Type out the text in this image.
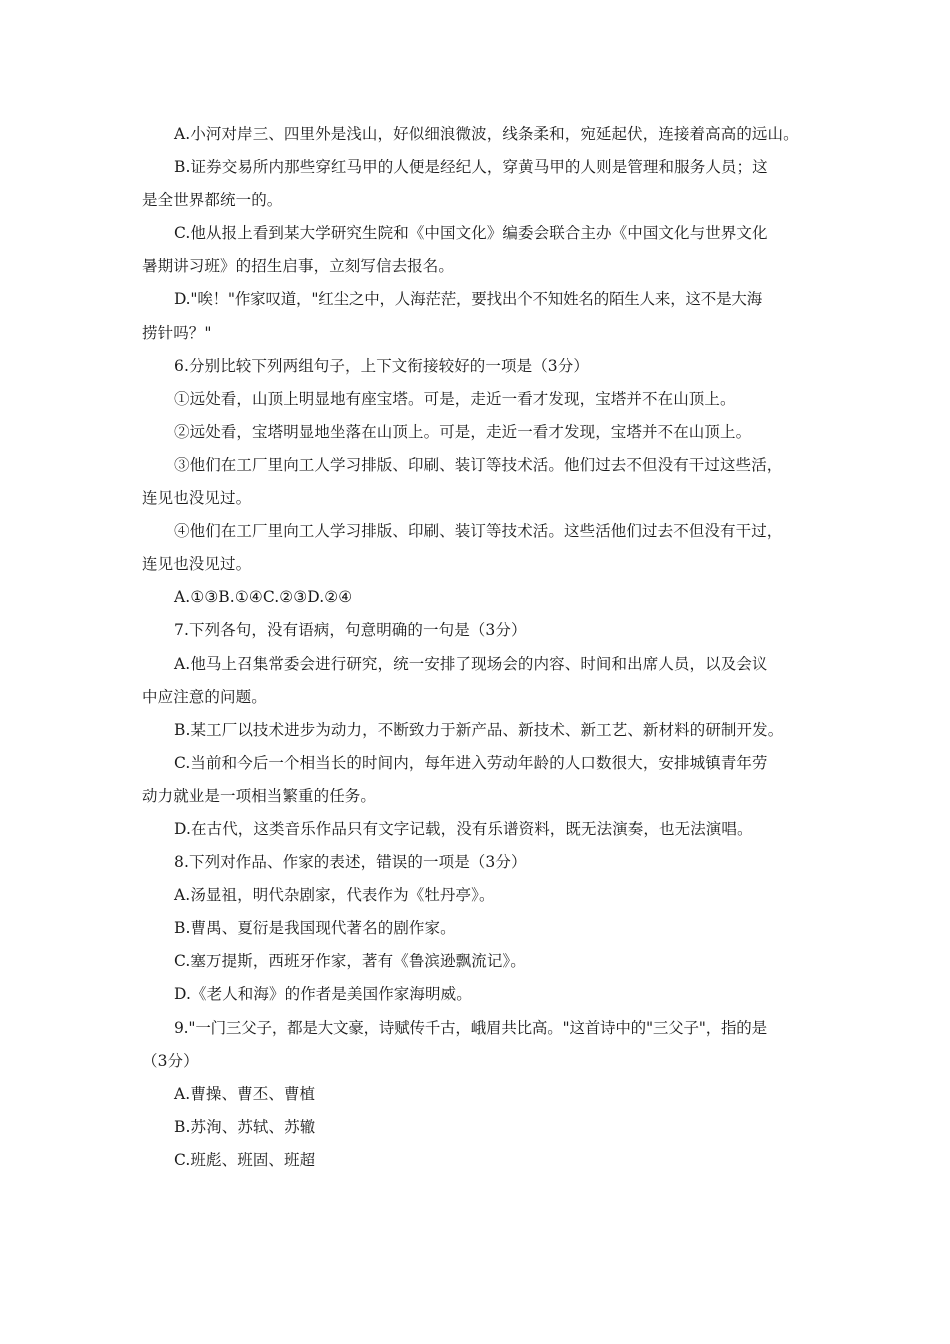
A.小河对岸三、四里外是浅山，好似细浪微波，线条柔和，宛延起伏，连接着高高的远山。
B.证券交易所内那些穿红马甲的人便是经纪人，穿黄马甲的人则是管理和服务人员；这
是全世界都统一的。
C.他从报上看到某大学研究生院和《中国文化》编委会联合主办《中国文化与世界文化
暑期讲习班》的招生启事，立刻写信去报名。
D."唉！"作家叹道，"红尘之中，人海茫茫，要找出个不知姓名的陌生人来，这不是大海
捞针吗？"
6.分别比较下列两组句子，上下文衔接较好的一项是（3分）
①远处看，山顶上明显地有座宝塔。可是，走近一看才发现，宝塔并不在山顶上。
②远处看，宝塔明显地坐落在山顶上。可是，走近一看才发现，宝塔并不在山顶上。
③他们在工厂里向工人学习排版、印刷、装订等技术活。他们过去不但没有干过这些活，
连见也没见过。
④他们在工厂里向工人学习排版、印刷、装订等技术活。这些活他们过去不但没有干过，
连见也没见过。
A.①③B.①④C.②③D.②④
7.下列各句，没有语病，句意明确的一句是（3分）
A.他马上召集常委会进行研究，统一安排了现场会的内容、时间和出席人员，以及会议
中应注意的问题。
B.某工厂以技术进步为动力，不断致力于新产品、新技术、新工艺、新材料的研制开发。
C.当前和今后一个相当长的时间内，每年进入劳动年龄的人口数很大，安排城镇青年劳
动力就业是一项相当繁重的任务。
D.在古代，这类音乐作品只有文字记载，没有乐谱资料，既无法演奏，也无法演唱。
8.下列对作品、作家的表述，错误的一项是（3分）
A.汤显祖，明代杂剧家，代表作为《牡丹亭》。
B.曹禺、夏衍是我国现代著名的剧作家。
C.塞万提斯，西班牙作家，著有《鲁滨逊飘流记》。
D.《老人和海》的作者是美国作家海明威。
9."一门三父子，都是大文豪，诗赋传千古，峨眉共比高。"这首诗中的"三父子"，指的是
（3分）
A.曹操、曹丕、曹植
B.苏洵、苏轼、苏辙
C.班彪、班固、班超
